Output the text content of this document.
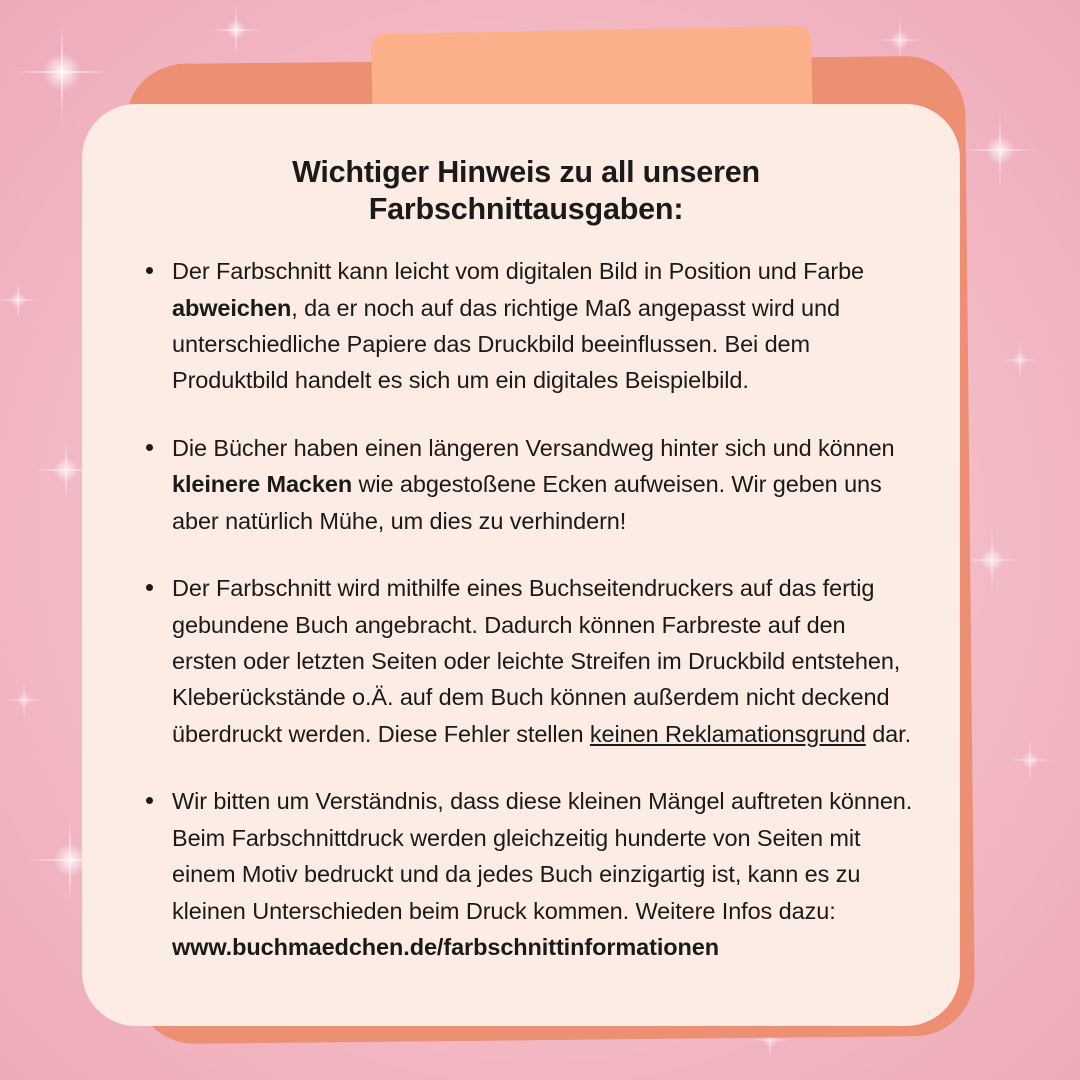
Wichtiger Hinweis zu all unseren Farbschnittausgaben:
Der Farbschnitt kann leicht vom digitalen Bild in Position und Farbe abweichen, da er noch auf das richtige Maß angepasst wird und unterschiedliche Papiere das Druckbild beeinflussen. Bei dem Produktbild handelt es sich um ein digitales Beispielbild.
Die Bücher haben einen längeren Versandweg hinter sich und können kleinere Macken wie abgestoßene Ecken aufweisen. Wir geben uns aber natürlich Mühe, um dies zu verhindern!
Der Farbschnitt wird mithilfe eines Buchseitendruckers auf das fertig gebundene Buch angebracht. Dadurch können Farbreste auf den ersten oder letzten Seiten oder leichte Streifen im Druckbild entstehen, Kleberückstände o.Ä. auf dem Buch können außerdem nicht deckend überdruckt werden. Diese Fehler stellen keinen Reklamationsgrund dar.
Wir bitten um Verständnis, dass diese kleinen Mängel auftreten können. Beim Farbschnittdruck werden gleichzeitig hunderte von Seiten mit einem Motiv bedruckt und da jedes Buch einzigartig ist, kann es zu kleinen Unterschieden beim Druck kommen. Weitere Infos dazu: www.buchmaedchen.de/farbschnittinformationen
